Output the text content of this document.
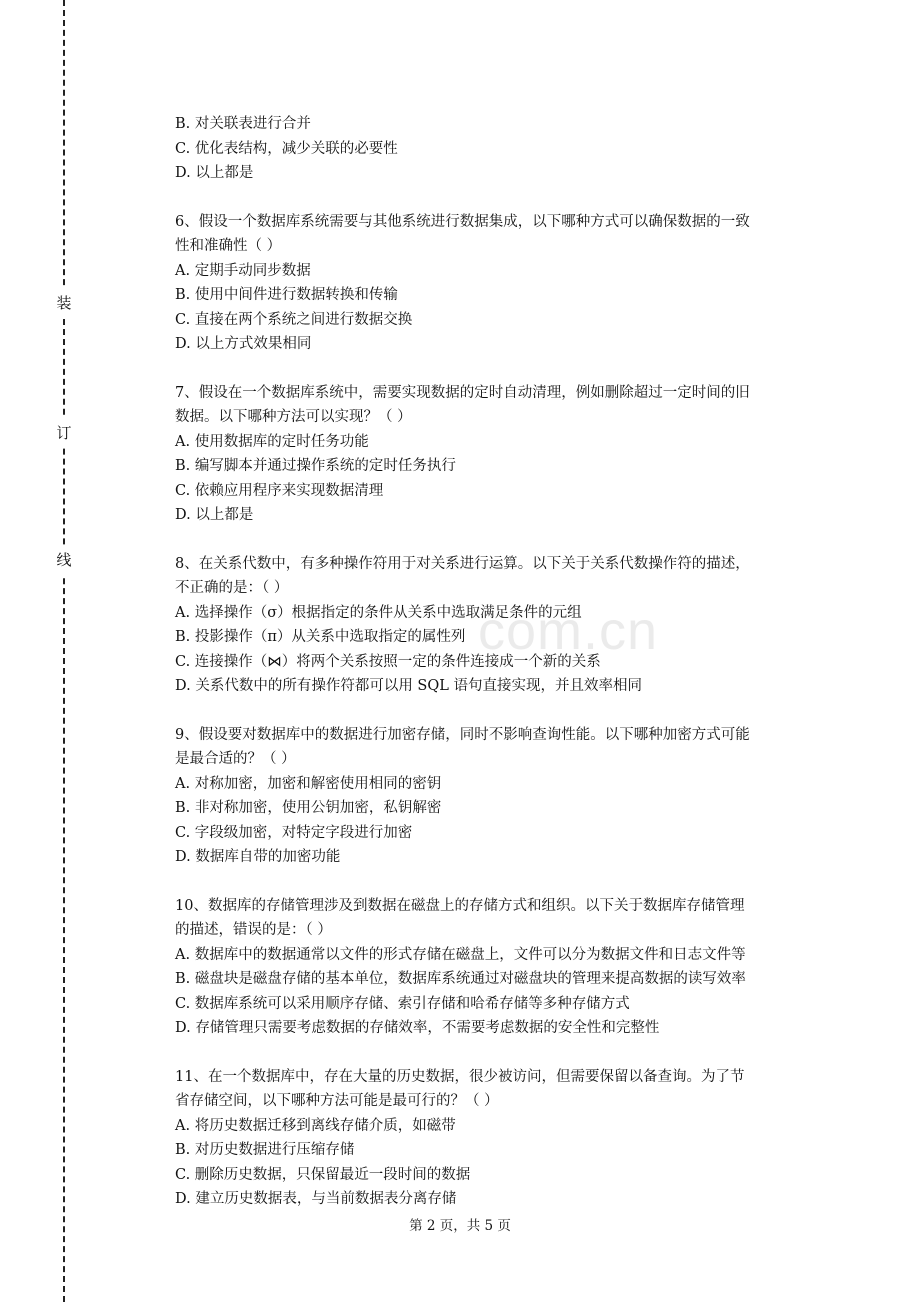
装
订
线
com.cn
B. 对关联表进行合并
C. 优化表结构，减少关联的必要性
D. 以上都是
6、假设一个数据库系统需要与其他系统进行数据集成，以下哪种方式可以确保数据的一致
性和准确性（ ）
A. 定期手动同步数据
B. 使用中间件进行数据转换和传输
C. 直接在两个系统之间进行数据交换
D. 以上方式效果相同
7、假设在一个数据库系统中，需要实现数据的定时自动清理，例如删除超过一定时间的旧
数据。以下哪种方法可以实现？（ ）
A. 使用数据库的定时任务功能
B. 编写脚本并通过操作系统的定时任务执行
C. 依赖应用程序来实现数据清理
D. 以上都是
8、在关系代数中，有多种操作符用于对关系进行运算。以下关于关系代数操作符的描述，
不正确的是：（ ）
A. 选择操作（σ）根据指定的条件从关系中选取满足条件的元组
B. 投影操作（π）从关系中选取指定的属性列
C. 连接操作（⋈）将两个关系按照一定的条件连接成一个新的关系
D. 关系代数中的所有操作符都可以用 SQL 语句直接实现，并且效率相同
9、假设要对数据库中的数据进行加密存储，同时不影响查询性能。以下哪种加密方式可能
是最合适的？（ ）
A. 对称加密，加密和解密使用相同的密钥
B. 非对称加密，使用公钥加密，私钥解密
C. 字段级加密，对特定字段进行加密
D. 数据库自带的加密功能
10、数据库的存储管理涉及到数据在磁盘上的存储方式和组织。以下关于数据库存储管理
的描述，错误的是：（ ）
A. 数据库中的数据通常以文件的形式存储在磁盘上，文件可以分为数据文件和日志文件等
B. 磁盘块是磁盘存储的基本单位，数据库系统通过对磁盘块的管理来提高数据的读写效率
C. 数据库系统可以采用顺序存储、索引存储和哈希存储等多种存储方式
D. 存储管理只需要考虑数据的存储效率，不需要考虑数据的安全性和完整性
11、在一个数据库中，存在大量的历史数据，很少被访问，但需要保留以备查询。为了节
省存储空间，以下哪种方法可能是最可行的？（ ）
A. 将历史数据迁移到离线存储介质，如磁带
B. 对历史数据进行压缩存储
C. 删除历史数据，只保留最近一段时间的数据
D. 建立历史数据表，与当前数据表分离存储
第 2 页，共 5 页
